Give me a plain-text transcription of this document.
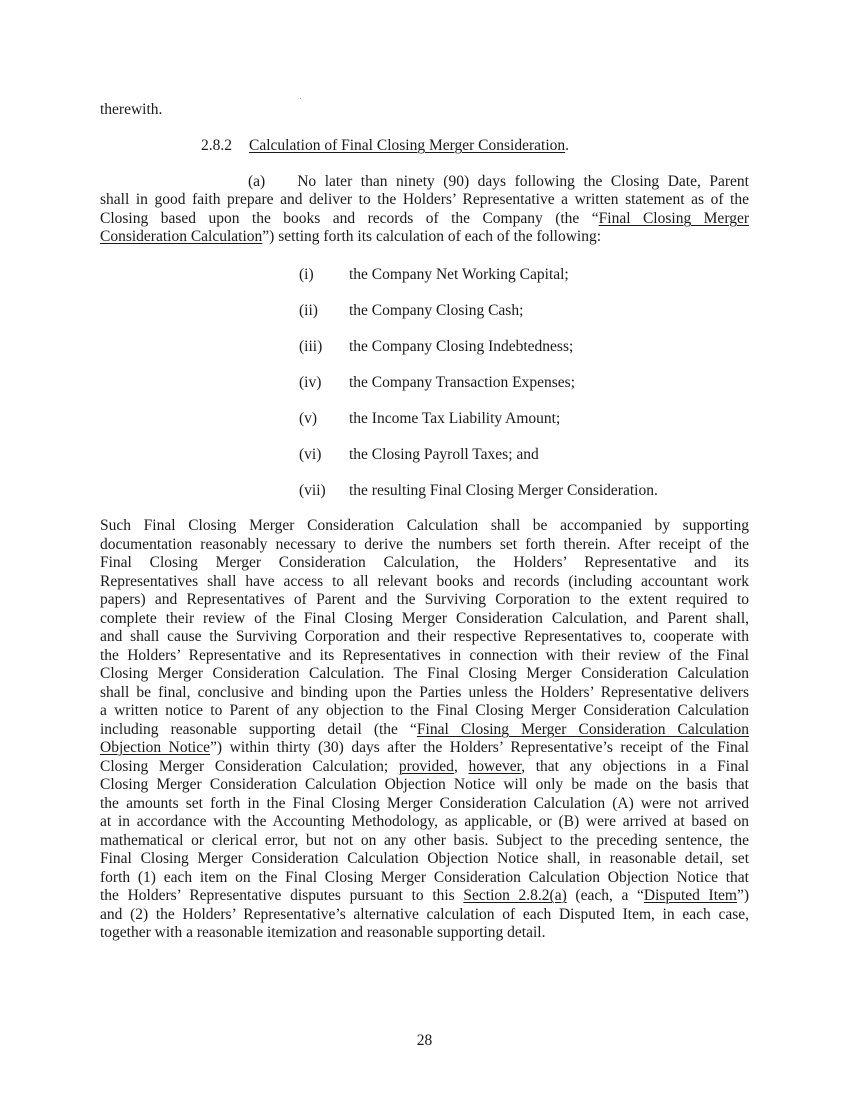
therewith.
2.8.2 Calculation of Final Closing Merger Consideration.
(a) No later than ninety (90) days following the Closing Date, Parent
shall in good faith prepare and deliver to the Holders’ Representative a written statement as of the
Closing based upon the books and records of the Company (the “Final Closing Merger
Consideration Calculation”) setting forth its calculation of each of the following:
(i) the Company Net Working Capital;
(ii) the Company Closing Cash;
(iii) the Company Closing Indebtedness;
(iv) the Company Transaction Expenses;
(v) the Income Tax Liability Amount;
(vi) the Closing Payroll Taxes; and
(vii) the resulting Final Closing Merger Consideration.
Such Final Closing Merger Consideration Calculation shall be accompanied by supporting
documentation reasonably necessary to derive the numbers set forth therein. After receipt of the
Final Closing Merger Consideration Calculation, the Holders’ Representative and its
Representatives shall have access to all relevant books and records (including accountant work
papers) and Representatives of Parent and the Surviving Corporation to the extent required to
complete their review of the Final Closing Merger Consideration Calculation, and Parent shall,
and shall cause the Surviving Corporation and their respective Representatives to, cooperate with
the Holders’ Representative and its Representatives in connection with their review of the Final
Closing Merger Consideration Calculation. The Final Closing Merger Consideration Calculation
shall be final, conclusive and binding upon the Parties unless the Holders’ Representative delivers
a written notice to Parent of any objection to the Final Closing Merger Consideration Calculation
including reasonable supporting detail (the “Final Closing Merger Consideration Calculation
Objection Notice”) within thirty (30) days after the Holders’ Representative’s receipt of the Final
Closing Merger Consideration Calculation; provided, however, that any objections in a Final
Closing Merger Consideration Calculation Objection Notice will only be made on the basis that
the amounts set forth in the Final Closing Merger Consideration Calculation (A) were not arrived
at in accordance with the Accounting Methodology, as applicable, or (B) were arrived at based on
mathematical or clerical error, but not on any other basis. Subject to the preceding sentence, the
Final Closing Merger Consideration Calculation Objection Notice shall, in reasonable detail, set
forth (1) each item on the Final Closing Merger Consideration Calculation Objection Notice that
the Holders’ Representative disputes pursuant to this Section 2.8.2(a) (each, a “Disputed Item”)
and (2) the Holders’ Representative’s alternative calculation of each Disputed Item, in each case,
together with a reasonable itemization and reasonable supporting detail.
28
